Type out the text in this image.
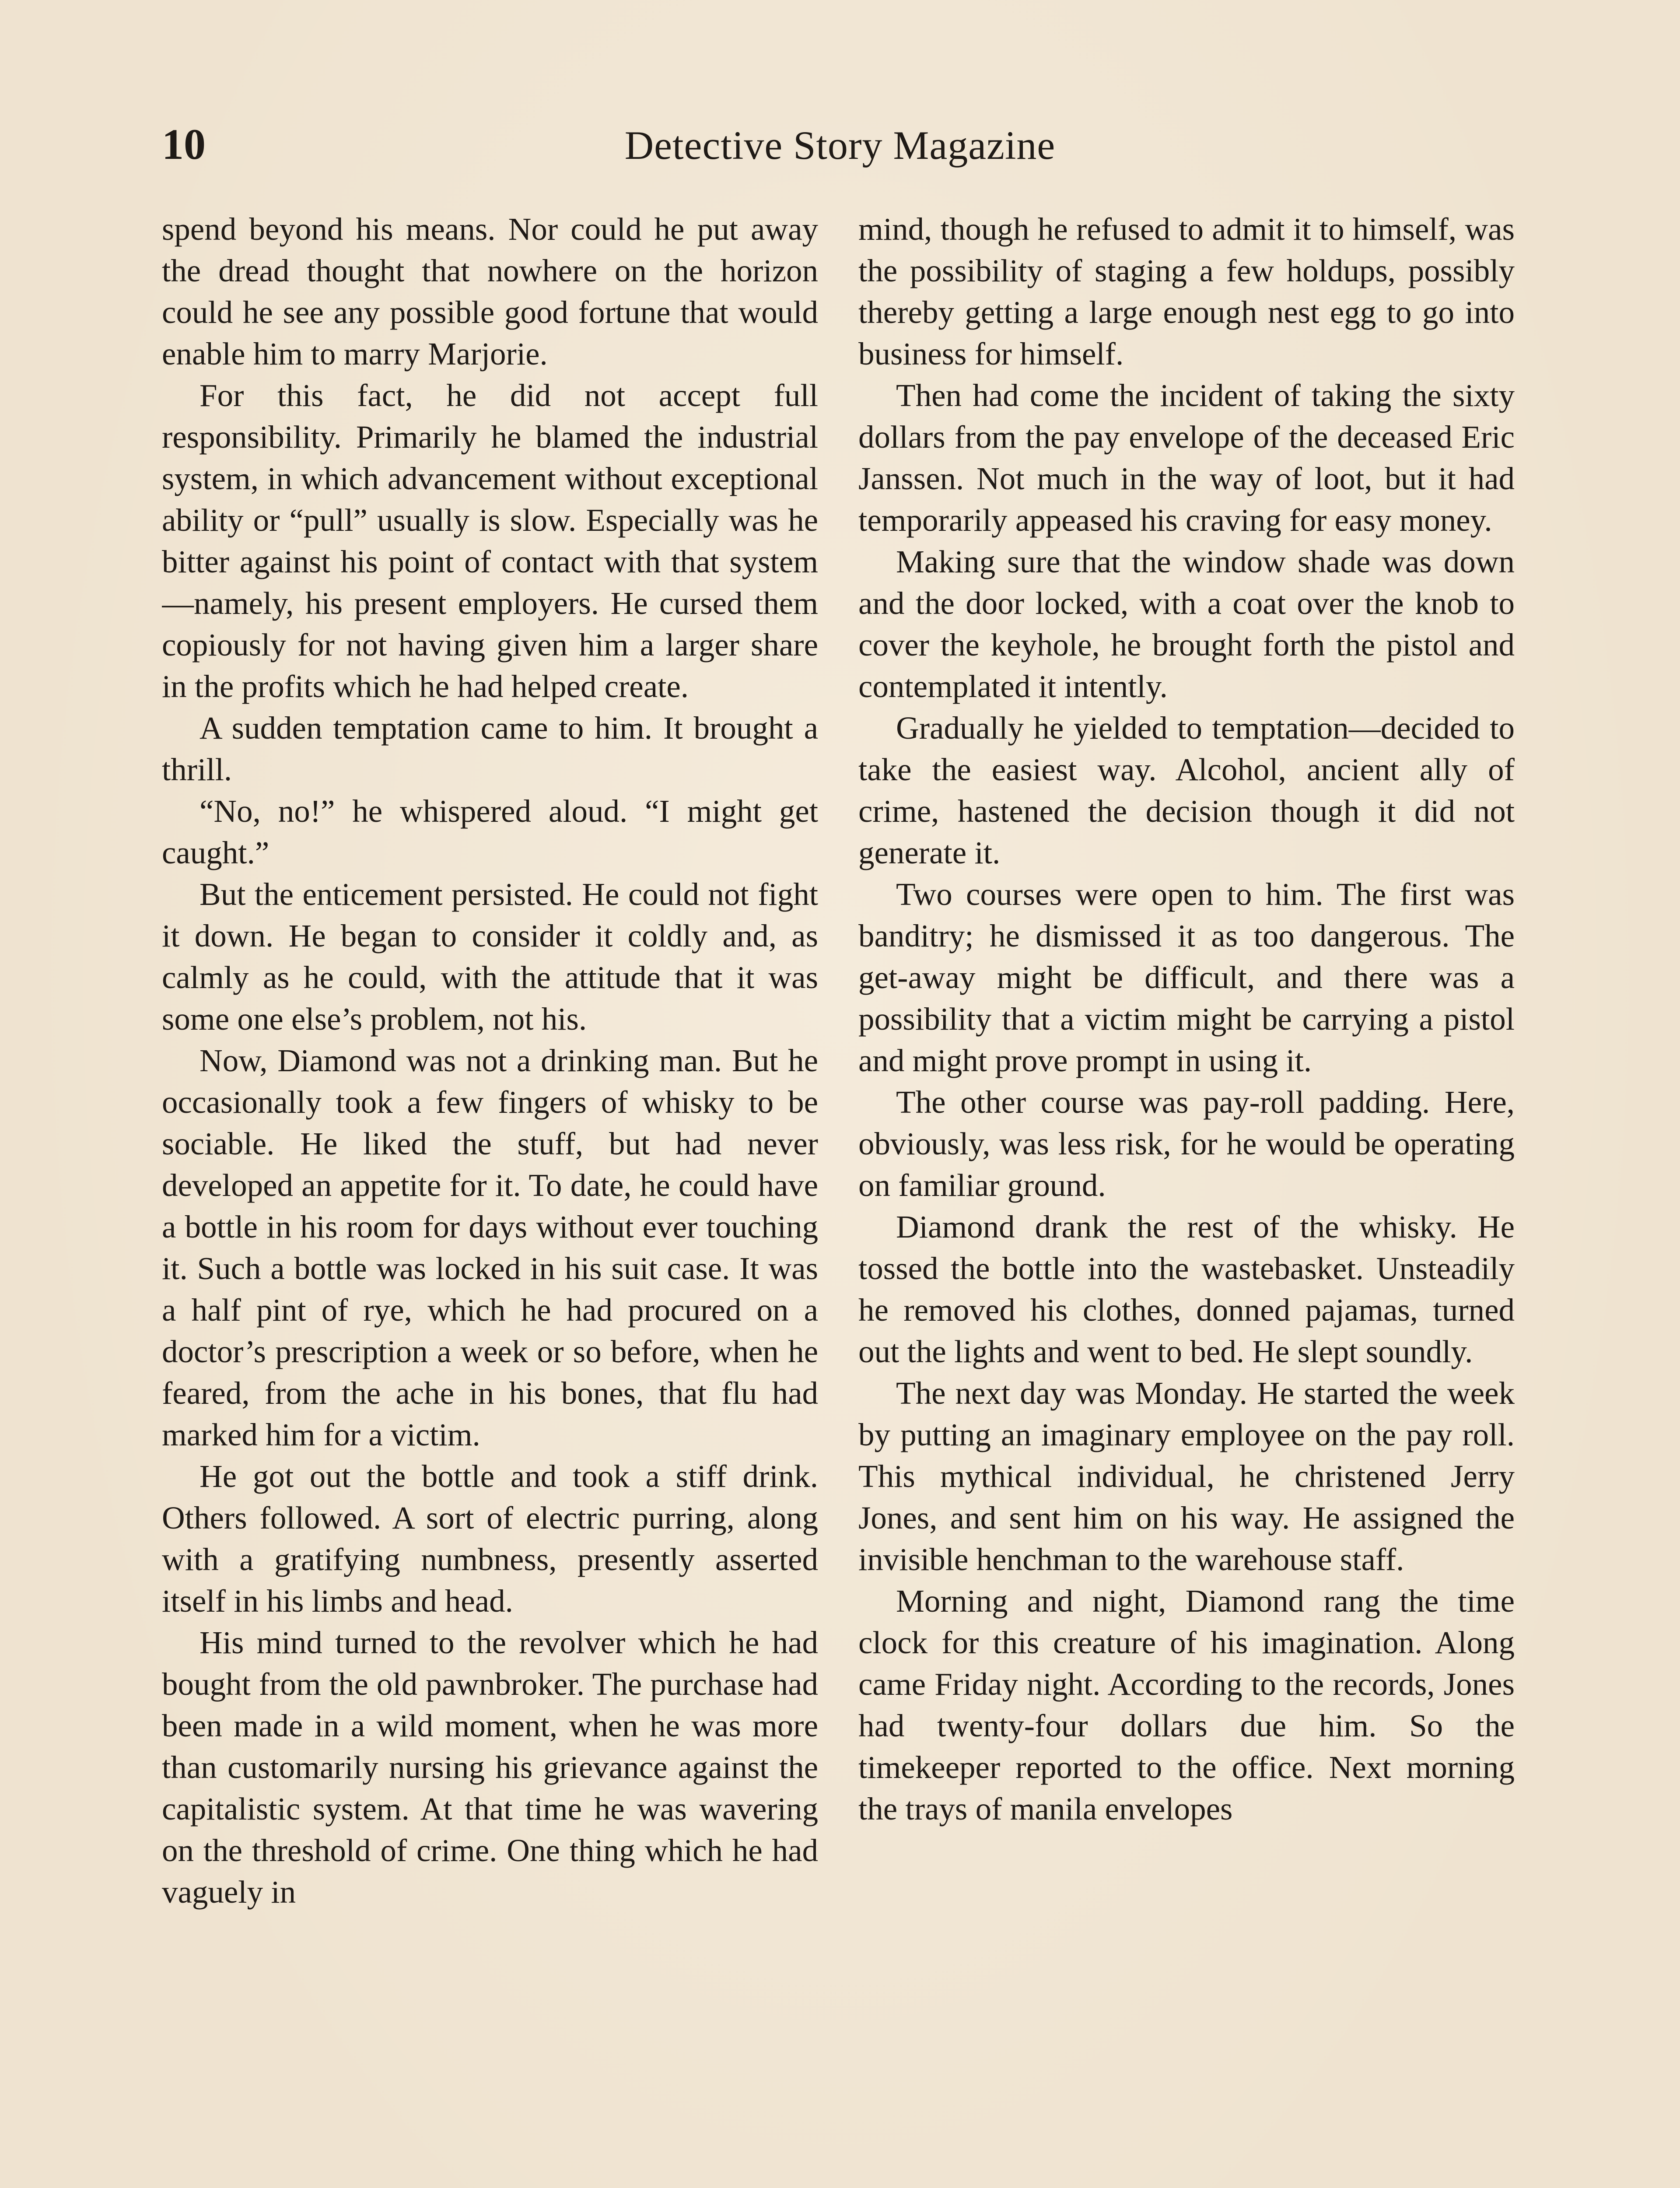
10	Detective Story Magazine

spend beyond his means. Nor could he put away the dread thought that nowhere on the horizon could he see any possible good fortune that would enable him to marry Marjorie.

For this fact, he did not accept full responsibility. Primarily he blamed the industrial system, in which advancement without exceptional ability or “pull” usually is slow. Especially was he bitter against his point of contact with that system—namely, his present employers. He cursed them copiously for not having given him a larger share in the profits which he had helped create.

A sudden temptation came to him. It brought a thrill.

“No, no!” he whispered aloud. “I might get caught.”

But the enticement persisted. He could not fight it down. He began to consider it coldly and, as calmly as he could, with the attitude that it was some one else’s problem, not his.

Now, Diamond was not a drinking man. But he occasionally took a few fingers of whisky to be sociable. He liked the stuff, but had never developed an appetite for it. To date, he could have a bottle in his room for days without ever touching it. Such a bottle was locked in his suit case. It was a half pint of rye, which he had procured on a doctor’s prescription a week or so before, when he feared, from the ache in his bones, that flu had marked him for a victim.

He got out the bottle and took a stiff drink. Others followed. A sort of electric purring, along with a gratifying numbness, presently asserted itself in his limbs and head.

His mind turned to the revolver which he had bought from the old pawnbroker. The purchase had been made in a wild moment, when he was more than customarily nursing his grievance against the capitalistic system. At that time he was wavering on the threshold of crime. One thing which he had vaguely in

mind, though he refused to admit it to himself, was the possibility of staging a few holdups, possibly thereby getting a large enough nest egg to go into business for himself.

Then had come the incident of taking the sixty dollars from the pay envelope of the deceased Eric Janssen. Not much in the way of loot, but it had temporarily appeased his craving for easy money.

Making sure that the window shade was down and the door locked, with a coat over the knob to cover the keyhole, he brought forth the pistol and contemplated it intently.

Gradually he yielded to temptation—decided to take the easiest way. Alcohol, ancient ally of crime, hastened the decision though it did not generate it.

Two courses were open to him. The first was banditry; he dismissed it as too dangerous. The get-away might be difficult, and there was a possibility that a victim might be carrying a pistol and might prove prompt in using it.

The other course was pay-roll padding. Here, obviously, was less risk, for he would be operating on familiar ground.

Diamond drank the rest of the whisky. He tossed the bottle into the wastebasket. Unsteadily he removed his clothes, donned pajamas, turned out the lights and went to bed. He slept soundly.

The next day was Monday. He started the week by putting an imaginary employee on the pay roll. This mythical individual, he christened Jerry Jones, and sent him on his way. He assigned the invisible henchman to the warehouse staff.

Morning and night, Diamond rang the time clock for this creature of his imagination. Along came Friday night. According to the records, Jones had twenty-four dollars due him. So the timekeeper reported to the office. Next morning the trays of manila envelopes
